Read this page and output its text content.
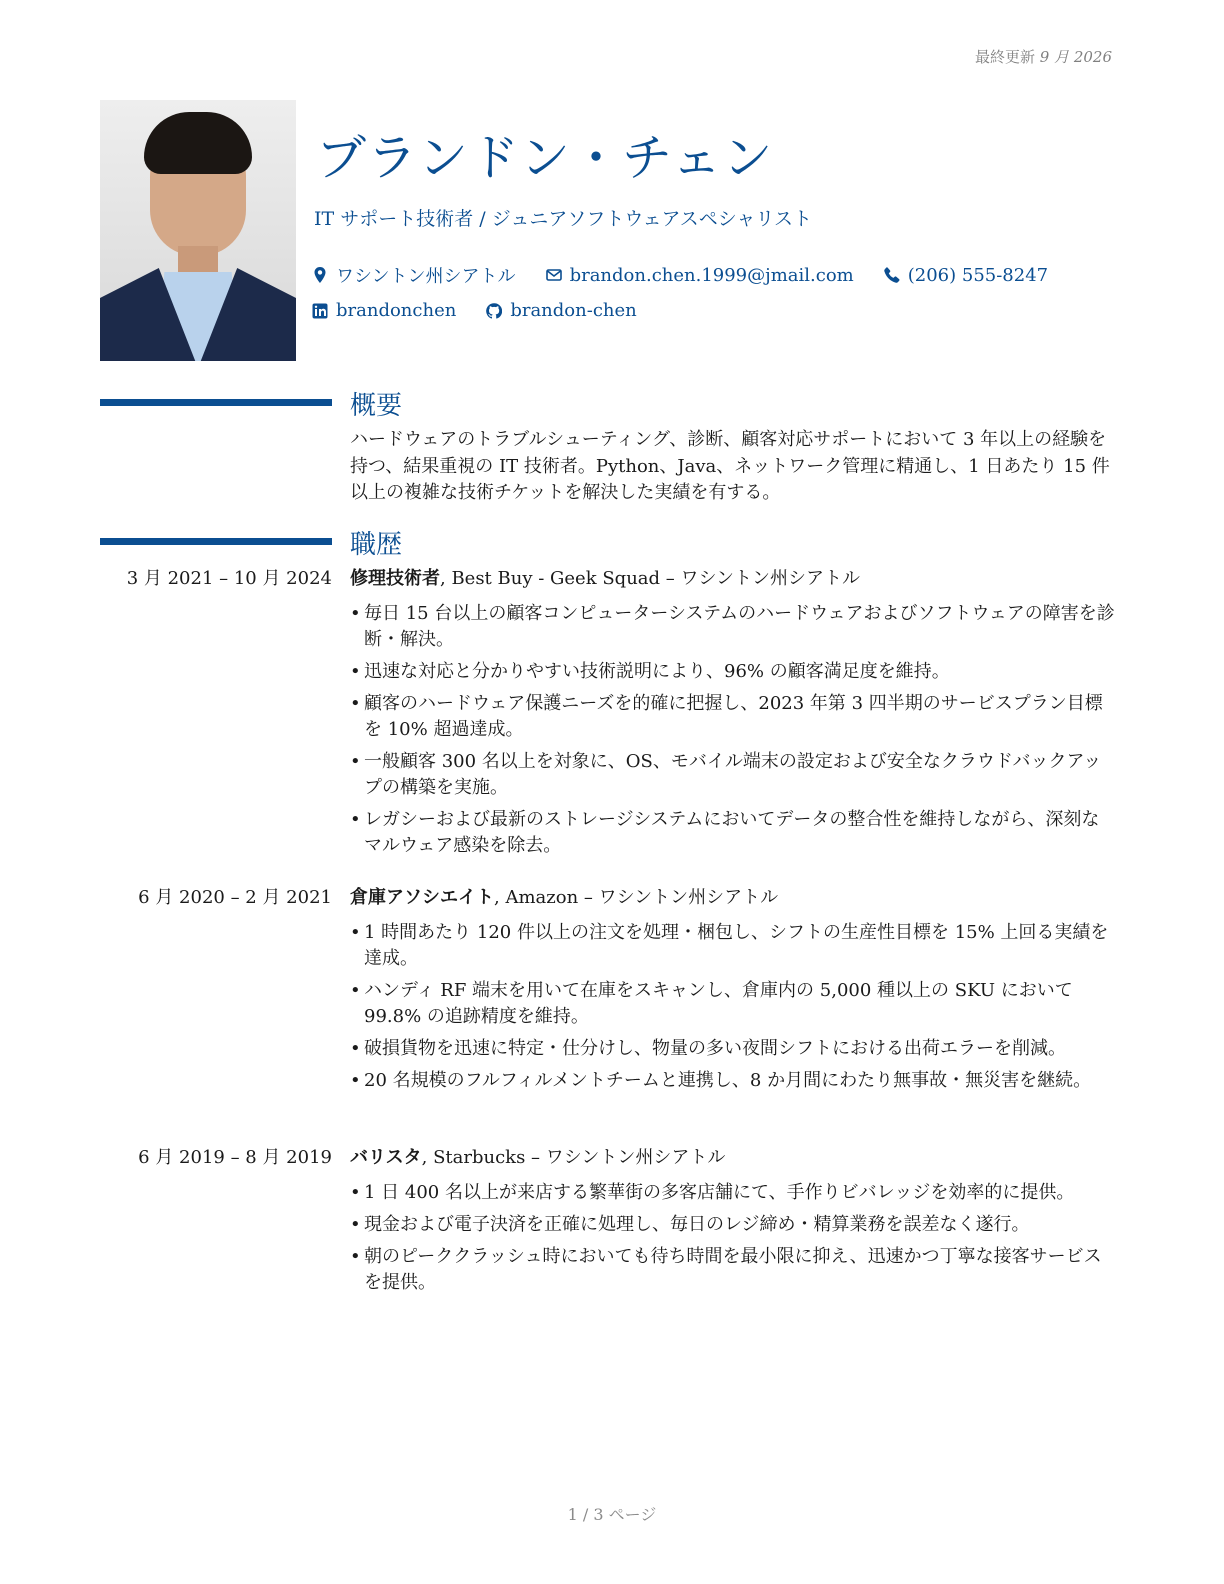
最終更新 9 月 2026
ブランドン・チェン
IT サポート技術者 / ジュニアソフトウェアスペシャリスト
ワシントン州シアトル	brandon.chen.1999@jmail.com	(206) 555-8247
brandonchen	brandon-chen
概要

ハードウェアのトラブルシューティング、診断、顧客対応サポートにおいて 3 年以上の経験を持つ、結果重視の IT 技術者。Python、Java、ネットワーク管理に精通し、1 日あたり 15 件以上の複雑な技術チケットを解決した実績を有する。

職歴
3 月 2021 – 10 月 2024 修理技術者, Best Buy - Geek Squad – ワシントン州シアトル
• 毎日 15 台以上の顧客コンピューターシステムのハードウェアおよびソフトウェアの障害を診断・解決。
• 迅速な対応と分かりやすい技術説明により、96% の顧客満足度を維持。
• 顧客のハードウェア保護ニーズを的確に把握し、2023 年第 3 四半期のサービスプラン目標を 10% 超過達成。
• 一般顧客 300 名以上を対象に、OS、モバイル端末の設定および安全なクラウドバックアップの構築を実施。
• レガシーおよび最新のストレージシステムにおいてデータの整合性を維持しながら、深刻なマルウェア感染を除去。
6 月 2020 – 2 月 2021 倉庫アソシエイト, Amazon – ワシントン州シアトル
• 1 時間あたり 120 件以上の注文を処理・梱包し、シフトの生産性目標を 15% 上回る実績を達成。
• ハンディ RF 端末を用いて在庫をスキャンし、倉庫内の 5,000 種以上の SKU において 99.8% の追跡精度を維持。
• 破損貨物を迅速に特定・仕分けし、物量の多い夜間シフトにおける出荷エラーを削減。
• 20 名規模のフルフィルメントチームと連携し、8 か月間にわたり無事故・無災害を継続。
6 月 2019 – 8 月 2019 バリスタ, Starbucks – ワシントン州シアトル
• 1 日 400 名以上が来店する繁華街の多客店舗にて、手作りビバレッジを効率的に提供。
• 現金および電子決済を正確に処理し、毎日のレジ締め・精算業務を誤差なく遂行。
• 朝のピーククラッシュ時においても待ち時間を最小限に抑え、迅速かつ丁寧な接客サービスを提供。
1 / 3 ページ
